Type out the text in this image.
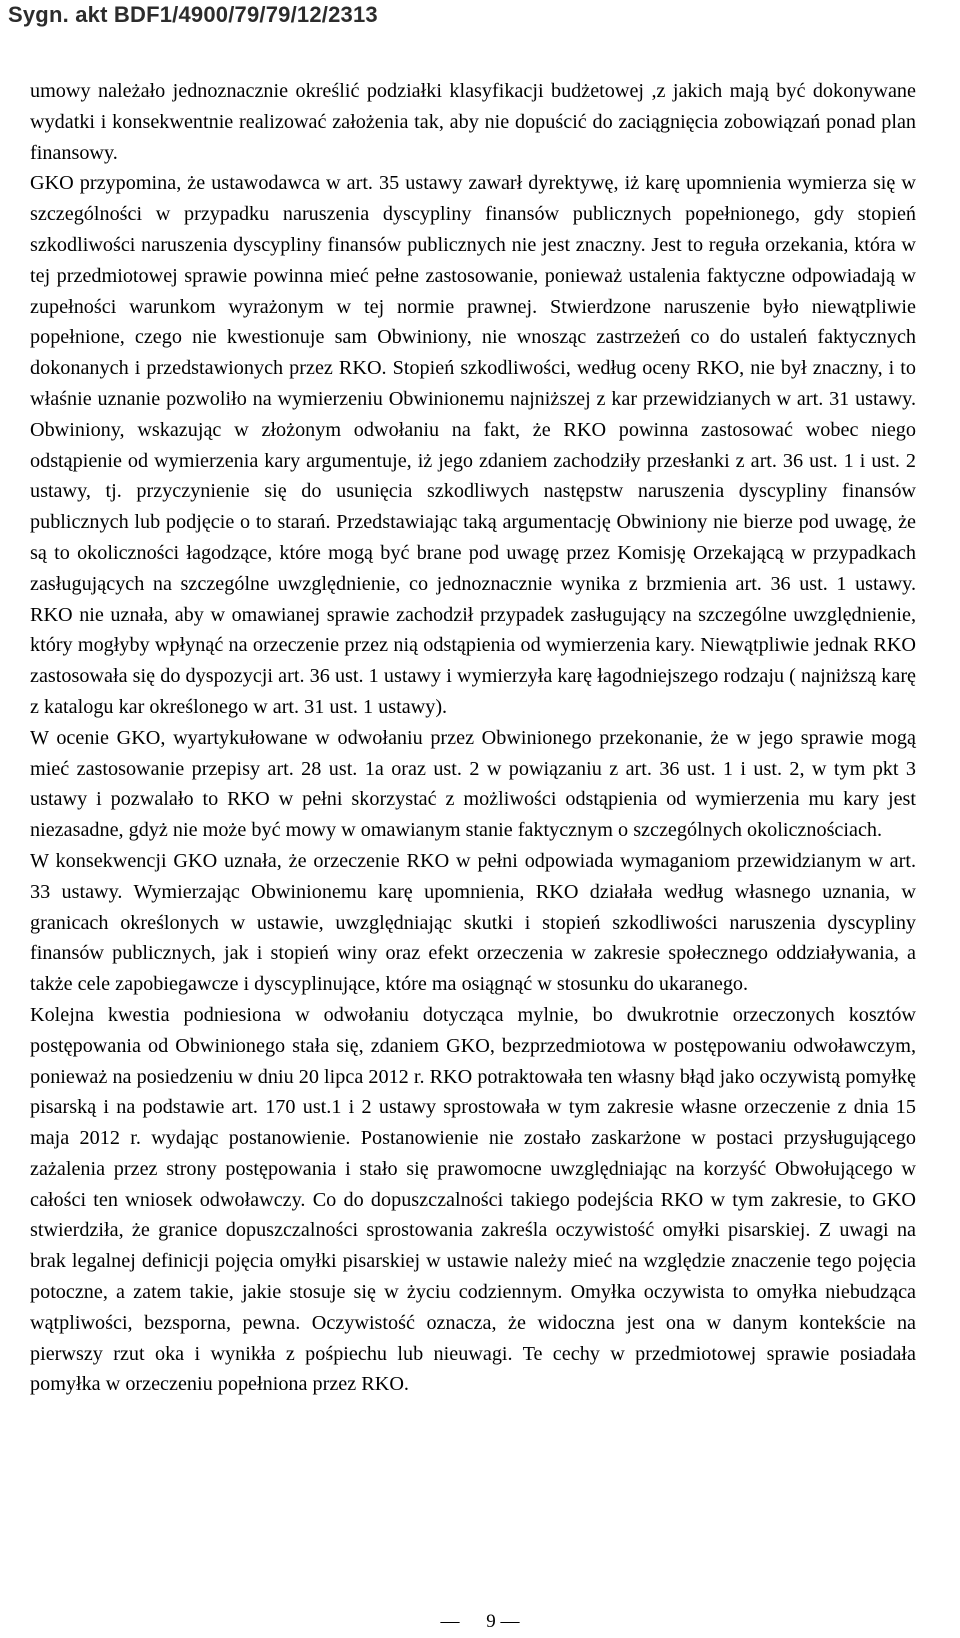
Sygn. akt BDF1/4900/79/79/12/2313

umowy należało jednoznacznie określić podziałki klasyfikacji budżetowej ,z jakich mają być dokonywane wydatki i konsekwentnie realizować założenia tak, aby nie dopuścić do zaciągnięcia zobowiązań ponad plan finansowy.

GKO przypomina, że ustawodawca w art. 35 ustawy zawarł dyrektywę, iż karę upomnienia wymierza się w szczególności w przypadku naruszenia dyscypliny finansów publicznych popełnionego, gdy stopień szkodliwości naruszenia dyscypliny finansów publicznych nie jest znaczny. Jest to reguła orzekania, która w tej przedmiotowej sprawie powinna mieć pełne zastosowanie, ponieważ ustalenia faktyczne odpowiadają w zupełności warunkom wyrażonym w tej normie prawnej. Stwierdzone naruszenie było niewątpliwie popełnione, czego nie kwestionuje sam Obwiniony, nie wnosząc zastrzeżeń co do ustaleń faktycznych dokonanych i przedstawionych przez RKO. Stopień szkodliwości, według oceny RKO, nie był znaczny, i to właśnie uznanie pozwoliło na wymierzeniu Obwinionemu najniższej z kar przewidzianych w art. 31 ustawy. Obwiniony, wskazując w złożonym odwołaniu na fakt, że RKO powinna zastosować wobec niego odstąpienie od wymierzenia kary argumentuje, iż jego zdaniem zachodziły przesłanki z art. 36 ust. 1 i ust. 2 ustawy, tj. przyczynienie się do usunięcia szkodliwych następstw naruszenia dyscypliny finansów publicznych lub podjęcie o to starań. Przedstawiając taką argumentację Obwiniony nie bierze pod uwagę, że są to okoliczności łagodzące, które mogą być brane pod uwagę przez Komisję Orzekającą w przypadkach zasługujących na szczególne uwzględnienie, co jednoznacznie wynika z brzmienia art. 36 ust. 1 ustawy. RKO nie uznała, aby w omawianej sprawie zachodził przypadek zasługujący na szczególne uwzględnienie, który mogłyby wpłynąć na orzeczenie przez nią odstąpienia od wymierzenia kary. Niewątpliwie jednak RKO zastosowała się do dyspozycji art. 36 ust. 1 ustawy i wymierzyła karę łagodniejszego rodzaju ( najniższą karę z katalogu kar określonego w art. 31 ust. 1 ustawy).

W ocenie GKO, wyartykułowane w odwołaniu przez Obwinionego przekonanie, że w jego sprawie mogą mieć zastosowanie przepisy art. 28 ust. 1a oraz ust. 2 w powiązaniu z art. 36 ust. 1 i ust. 2, w tym pkt 3 ustawy i pozwalało to RKO w pełni skorzystać z możliwości odstąpienia od wymierzenia mu kary jest niezasadne, gdyż nie może być mowy w omawianym stanie faktycznym o szczególnych okolicznościach.

W konsekwencji GKO uznała, że orzeczenie RKO w pełni odpowiada wymaganiom przewidzianym w art. 33 ustawy. Wymierzając Obwinionemu karę upomnienia, RKO działała według własnego uznania, w granicach określonych w ustawie, uwzględniając skutki i stopień szkodliwości naruszenia dyscypliny finansów publicznych, jak i stopień winy oraz efekt orzeczenia w zakresie społecznego oddziaływania, a także cele zapobiegawcze i dyscyplinujące, które ma osiągnąć w stosunku do ukaranego.

Kolejna kwestia podniesiona w odwołaniu dotycząca mylnie, bo dwukrotnie orzeczonych kosztów postępowania od Obwinionego stała się, zdaniem GKO, bezprzedmiotowa w postępowaniu odwoławczym, ponieważ na posiedzeniu w dniu 20 lipca 2012 r. RKO potraktowała ten własny błąd jako oczywistą pomyłkę pisarską i na podstawie art. 170 ust.1 i 2 ustawy sprostowała w tym zakresie własne orzeczenie z dnia 15 maja 2012 r. wydając postanowienie. Postanowienie nie zostało zaskarżone w postaci przysługującego zażalenia przez strony postępowania i stało się prawomocne uwzględniając na korzyść Obwołującego w całości ten wniosek odwoławczy. Co do dopuszczalności takiego podejścia RKO w tym zakresie, to GKO stwierdziła, że granice dopuszczalności sprostowania zakreśla oczywistość omyłki pisarskiej. Z uwagi na brak legalnej definicji pojęcia omyłki pisarskiej w ustawie należy mieć na względzie znaczenie tego pojęcia potoczne, a zatem takie, jakie stosuje się w życiu codziennym. Omyłka oczywista to omyłka niebudząca wątpliwości, bezsporna, pewna. Oczywistość oznacza, że widoczna jest ona w danym kontekście na pierwszy rzut oka i wynikła z pośpiechu lub nieuwagi. Te cechy w przedmiotowej sprawie posiadała pomyłka w orzeczeniu popełniona przez RKO.

— 9 —
